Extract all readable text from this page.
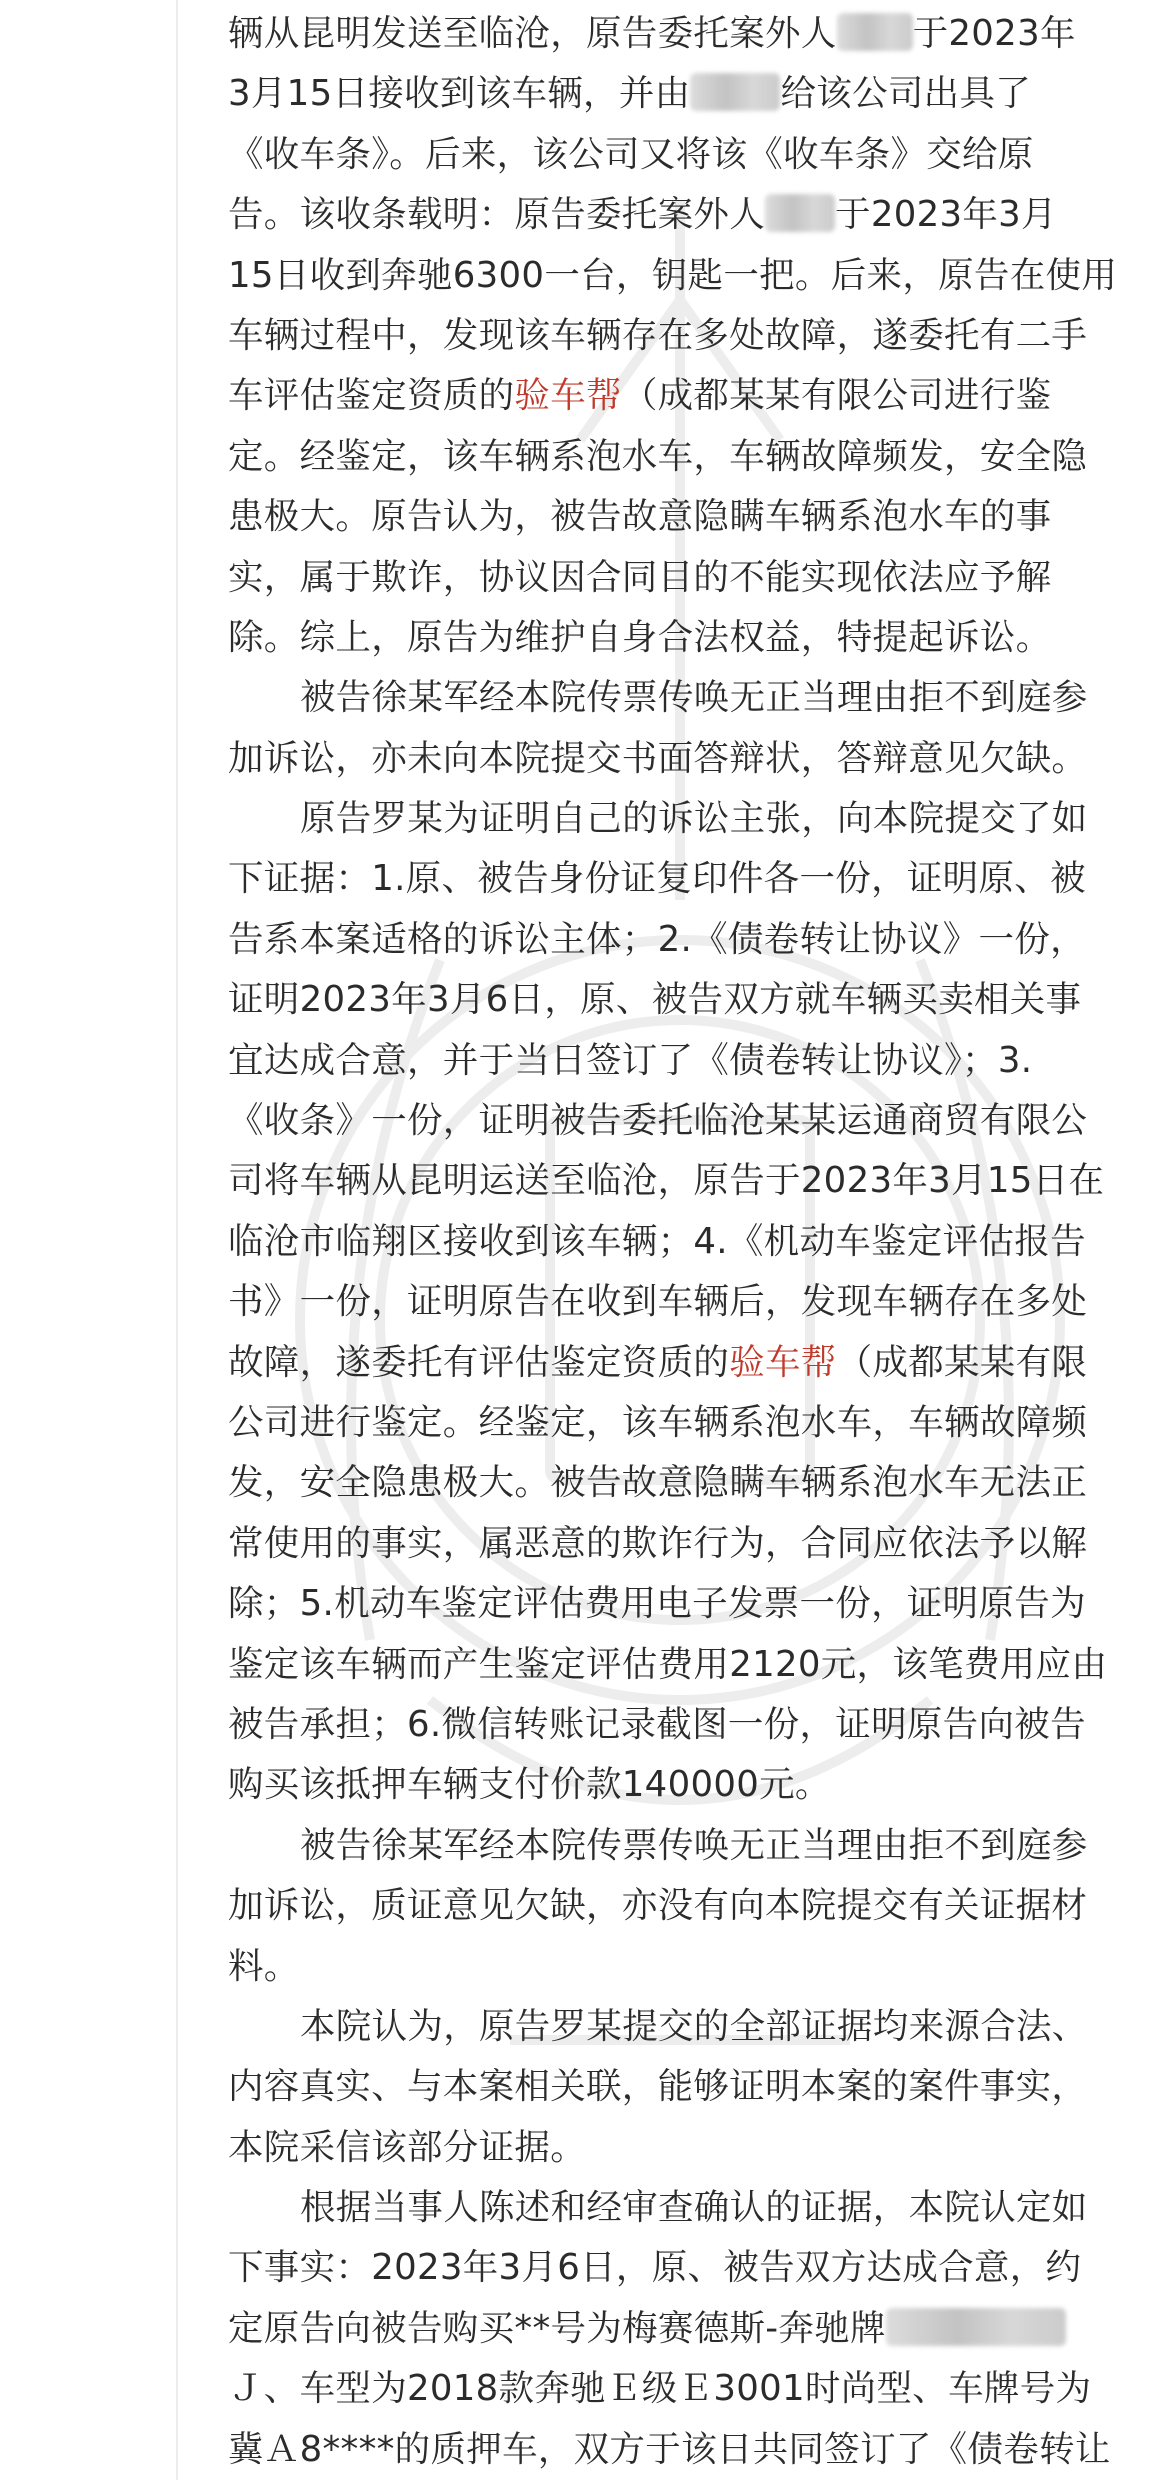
辆从昆明发送至临沧，原告委托案外人 于2023年
3月15日接收到该车辆，并由	给该公司出具了
《收车条》。后来，该公司又将该《收车条》交给原
告。该收条载明：原告委托案外人 于2023年3月
15日收到奔驰6300一台，钥匙一把。后来，原告在使用
车辆过程中，发现该车辆存在多处故障，遂委托有二手
车评估鉴定资质的验车帮（成都某某有限公司进行鉴
定。经鉴定，该车辆系泡水车，车辆故障频发，安全隐
患极大。原告认为，被告故意隐瞒车辆系泡水车的事
实，属于欺诈，协议因合同目的不能实现依法应予解
除。综上，原告为维护自身合法权益，特提起诉讼。
被告徐某军经本院传票传唤无正当理由拒不到庭参
加诉讼，亦未向本院提交书面答辩状，答辩意见欠缺。
原告罗某为证明自己的诉讼主张，向本院提交了如
下证据：1.原、被告身份证复印件各一份，证明原、被
告系本案适格的诉讼主体；2.《债卷转让协议》一份，
证明2023年3月6日，原、被告双方就车辆买卖相关事
宜达成合意，并于当日签订了《债卷转让协议》；3.
《收条》一份，证明被告委托临沧某某运通商贸有限公
司将车辆从昆明运送至临沧，原告于2023年3月15日在
临沧市临翔区接收到该车辆；4.《机动车鉴定评估报告
书》一份，证明原告在收到车辆后，发现车辆存在多处
故障，遂委托有评估鉴定资质的验车帮（成都某某有限
公司进行鉴定。经鉴定，该车辆系泡水车，车辆故障频
发，安全隐患极大。被告故意隐瞒车辆系泡水车无法正
常使用的事实，属恶意的欺诈行为，合同应依法予以解
除；5.机动车鉴定评估费用电子发票一份，证明原告为
鉴定该车辆而产生鉴定评估费用2120元，该笔费用应由
被告承担；6.微信转账记录截图一份，证明原告向被告
购买该抵押车辆支付价款140000元。
被告徐某军经本院传票传唤无正当理由拒不到庭参
加诉讼，质证意见欠缺，亦没有向本院提交有关证据材
料。
本院认为，原告罗某提交的全部证据均来源合法、
内容真实、与本案相关联，能够证明本案的案件事实，
本院采信该部分证据。
根据当事人陈述和经审查确认的证据，本院认定如
下事实：2023年3月6日，原、被告双方达成合意，约
定原告向被告购买**号为梅赛德斯-奔驰牌
Ｊ、车型为2018款奔驰Ｅ级Ｅ3001时尚型、车牌号为
冀Ａ8****的质押车，双方于该日共同签订了《债卷转让
